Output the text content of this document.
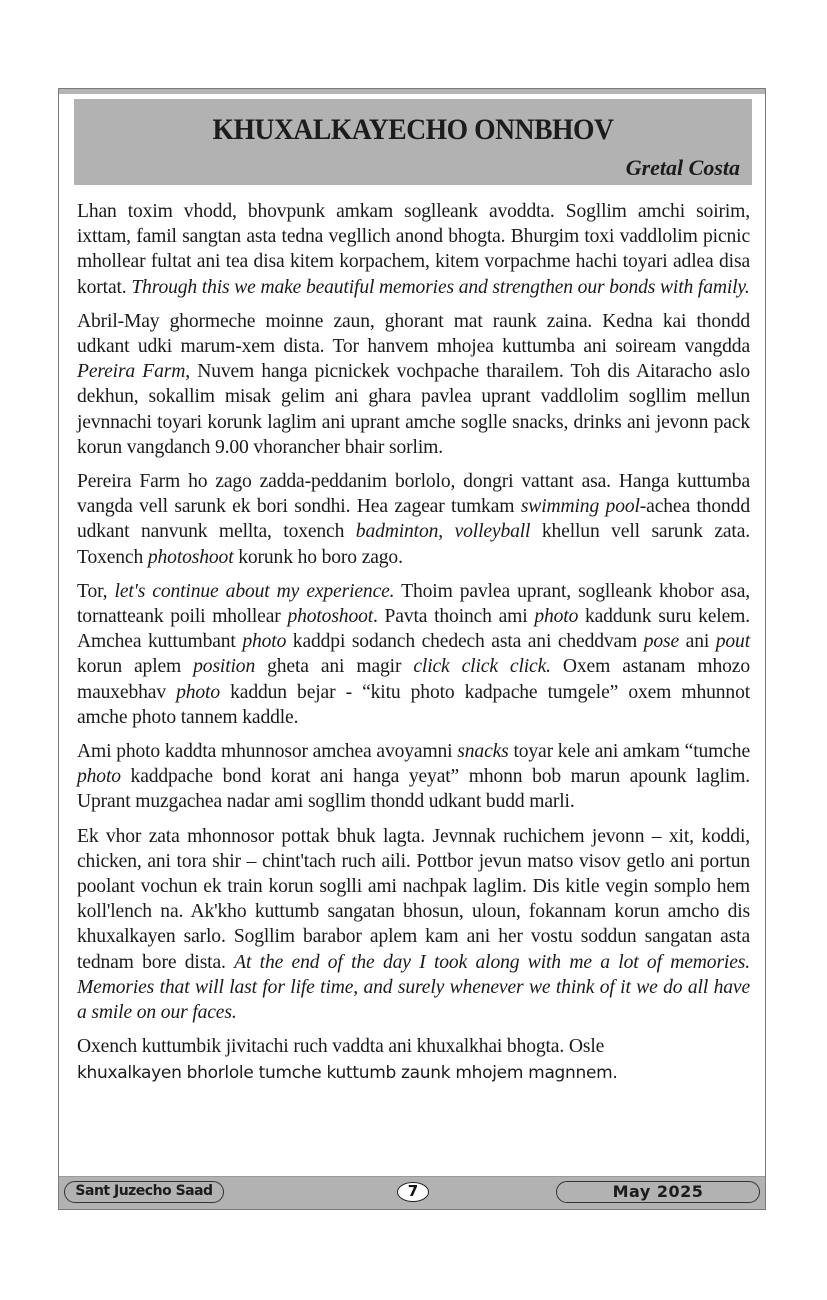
KHUXALKAYECHO ONNBHOV
Gretal Costa

Lhan toxim vhodd, bhovpunk amkam soglleank avoddta. Sogllim amchi soirim, ixttam, famil sangtan asta tedna vegllich anond bhogta. Bhurgim toxi vaddlolim picnic mhollear fultat ani tea disa kitem korpachem, kitem vorpachme hachi toyari adlea disa kortat. Through this we make beautiful memories and strengthen our bonds with family.

Abril-May ghormeche moinne zaun, ghorant mat raunk zaina. Kedna kai thondd udkant udki marum-xem dista. Tor hanvem mhojea kuttumba ani soiream vangdda Pereira Farm, Nuvem hanga picnickek vochpache tharailem. Toh dis Aitaracho aslo dekhun, sokallim misak gelim ani ghara pavlea uprant vaddlolim sogllim mellun jevnnachi toyari korunk laglim ani uprant amche soglle snacks, drinks ani jevonn pack korun vangdanch 9.00 vhorancher bhair sorlim.

Pereira Farm ho zago zadda-peddanim borlolo, dongri vattant asa. Hanga kuttumba vangda vell sarunk ek bori sondhi. Hea zagear tumkam swimming pool-achea thondd udkant nanvunk mellta, toxench badminton, volleyball khellun vell sarunk zata. Toxench photoshoot korunk ho boro zago.

Tor, let's continue about my experience. Thoim pavlea uprant, soglleank khobor asa, tornatteank poili mhollear photoshoot. Pavta thoinch ami photo kaddunk suru kelem. Amchea kuttumbant photo kaddpi sodanch chedech asta ani cheddvam pose ani pout korun aplem position gheta ani magir click click click. Oxem astanam mhozo mauxebhav photo kaddun bejar - “kitu photo kadpache tumgele” oxem mhunnot amche photo tannem kaddle.

Ami photo kaddta mhunnosor amchea avoyamni snacks toyar kele ani amkam “tumche photo kaddpache bond korat ani hanga yeyat” mhonn bob marun apounk laglim. Uprant muzgachea nadar ami sogllim thondd udkant budd marli.

Ek vhor zata mhonnosor pottak bhuk lagta. Jevnnak ruchichem jevonn – xit, koddi, chicken, ani tora shir – chint'tach ruch aili. Pottbor jevun matso visov getlo ani portun poolant vochun ek train korun soglli ami nachpak laglim. Dis kitle vegin somplo hem koll'lench na. Ak'kho kuttumb sangatan bhosun, uloun, fokannam korun amcho dis khuxalkayen sarlo. Sogllim barabor aplem kam ani her vostu soddun sangatan asta tednam bore dista. At the end of the day I took along with me a lot of memories. Memories that will last for life time, and surely whenever we think of it we do all have a smile on our faces.

Oxench kuttumbik jivitachi ruch vaddta ani khuxalkhai bhogta. Osle
khuxalkayen bhorlole tumche kuttumb zaunk mhojem magnnem.

Sant Juzecho Saad	7	May 2025
